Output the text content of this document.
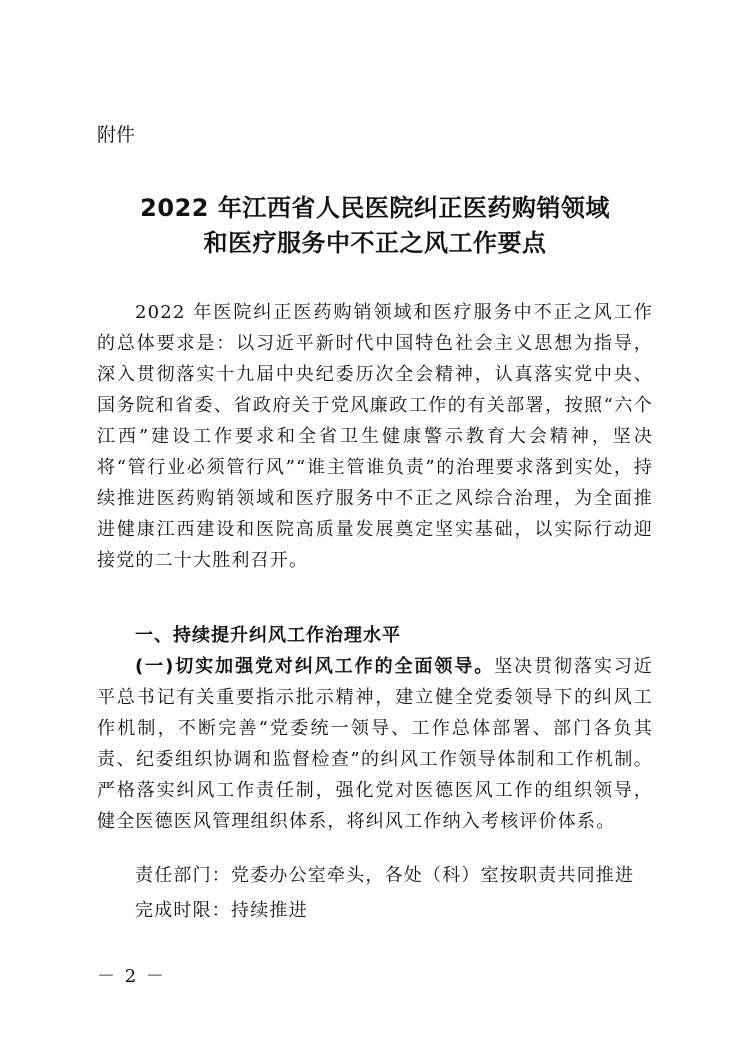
附件
2022 年江西省人民医院纠正医药购销领域
和医疗服务中不正之风工作要点

2022 年医院纠正医药购销领域和医疗服务中不正之风工作的总体要求是：以习近平新时代中国特色社会主义思想为指导，深入贯彻落实十九届中央纪委历次全会精神，认真落实党中央、国务院和省委、省政府关于党风廉政工作的有关部署，按照“六个江西”建设工作要求和全省卫生健康警示教育大会精神，坚决将“管行业必须管行风”“谁主管谁负责”的治理要求落到实处，持续推进医药购销领域和医疗服务中不正之风综合治理，为全面推进健康江西建设和医院高质量发展奠定坚实基础，以实际行动迎接党的二十大胜利召开。

一、持续提升纠风工作治理水平

(一)切实加强党对纠风工作的全面领导。坚决贯彻落实习近平总书记有关重要指示批示精神，建立健全党委领导下的纠风工作机制，不断完善“党委统一领导、工作总体部署、部门各负其责、纪委组织协调和监督检查”的纠风工作领导体制和工作机制。严格落实纠风工作责任制，强化党对医德医风工作的组织领导，健全医德医风管理组织体系，将纠风工作纳入考核评价体系。

责任部门：党委办公室牵头，各处（科）室按职责共同推进

完成时限：持续推进

－ 2 －
